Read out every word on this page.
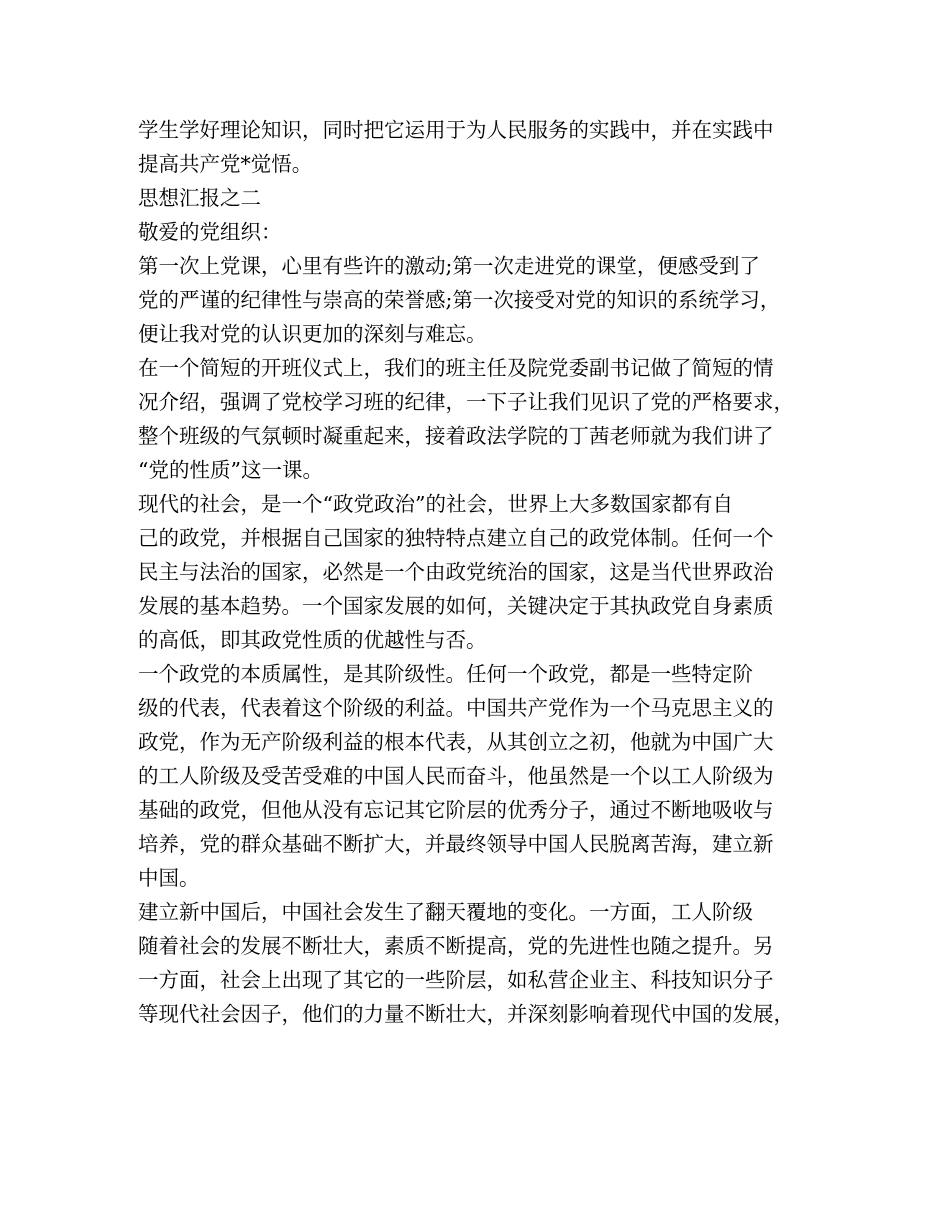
学生学好理论知识，同时把它运用于为人民服务的实践中，并在实践中
提高共产党*觉悟。
思想汇报之二
敬爱的党组织：
第一次上党课，心里有些许的激动;第一次走进党的课堂，便感受到了
党的严谨的纪律性与崇高的荣誉感;第一次接受对党的知识的系统学习，
便让我对党的认识更加的深刻与难忘。
在一个简短的开班仪式上，我们的班主任及院党委副书记做了简短的情
况介绍，强调了党校学习班的纪律，一下子让我们见识了党的严格要求，
整个班级的气氛顿时凝重起来，接着政法学院的丁茜老师就为我们讲了
“党的性质”这一课。
现代的社会，是一个“政党政治”的社会，世界上大多数国家都有自
己的政党，并根据自己国家的独特特点建立自己的政党体制。任何一个
民主与法治的国家，必然是一个由政党统治的国家，这是当代世界政治
发展的基本趋势。一个国家发展的如何，关键决定于其执政党自身素质
的高低，即其政党性质的优越性与否。
一个政党的本质属性，是其阶级性。任何一个政党，都是一些特定阶
级的代表，代表着这个阶级的利益。中国共产党作为一个马克思主义的
政党，作为无产阶级利益的根本代表，从其创立之初，他就为中国广大
的工人阶级及受苦受难的中国人民而奋斗，他虽然是一个以工人阶级为
基础的政党，但他从没有忘记其它阶层的优秀分子，通过不断地吸收与
培养，党的群众基础不断扩大，并最终领导中国人民脱离苦海，建立新
中国。
建立新中国后，中国社会发生了翻天覆地的变化。一方面，工人阶级
随着社会的发展不断壮大，素质不断提高，党的先进性也随之提升。另
一方面，社会上出现了其它的一些阶层，如私营企业主、科技知识分子
等现代社会因子，他们的力量不断壮大，并深刻影响着现代中国的发展，
